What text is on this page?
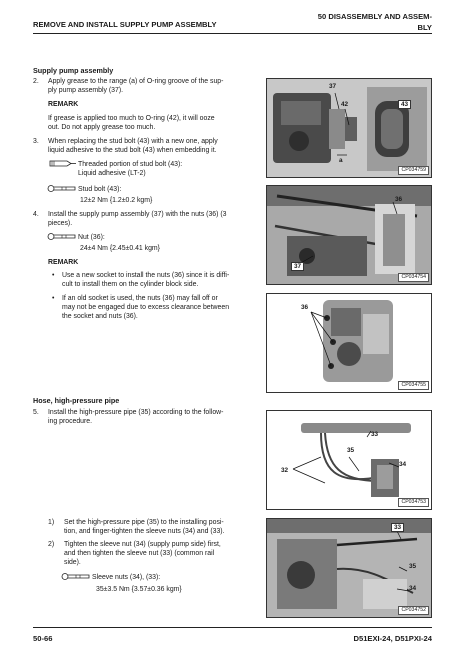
REMOVE AND INSTALL SUPPLY PUMP ASSEMBLY
50 DISASSEMBLY AND ASSEM-
BLY
Supply pump assembly
2. Apply grease to the range (a) of O-ring groove of the sup-
ply pump assembly (37).
REMARK
If grease is applied too much to O-ring (42), it will ooze
out. Do not apply grease too much.
3. When replacing the stud bolt (43) with a new one, apply
liquid adhesive to the stud bolt (43) when embedding it.
Threaded portion of stud bolt (43):
Liquid adhesive (LT-2)
Stud bolt (43):
12±2 Nm {1.2±0.2 kgm}
4. Install the supply pump assembly (37) with the nuts (36) (3
pieces).
Nut (36):
24±4 Nm {2.45±0.41 kgm}
REMARK
• Use a new socket to install the nuts (36) since it is diffi-
cult to install them on the cylinder block side.
• If an old socket is used, the nuts (36) may fall off or
may not be engaged due to excess clearance between
the socket and nuts (36).
Hose, high-pressure pipe
5. Install the high-pressure pipe (35) according to the follow-
ing procedure.
1) Set the high-pressure pipe (35) to the installing posi-
tion, and finger-tighten the sleeve nuts (34) and (33).
2) Tighten the sleeve nut (34) (supply pump side) first,
and then tighten the sleeve nut (33) (common rail
side).
Sleeve nuts (34), (33):
35±3.5 Nm {3.57±0.36 kgm}
37
42	43
a
CP034759
36
37
CP034754
36
CP034755
33
35
34
32
CP034753
33
35
34
CP034752
50-66	D51EXI-24, D51PXI-24
